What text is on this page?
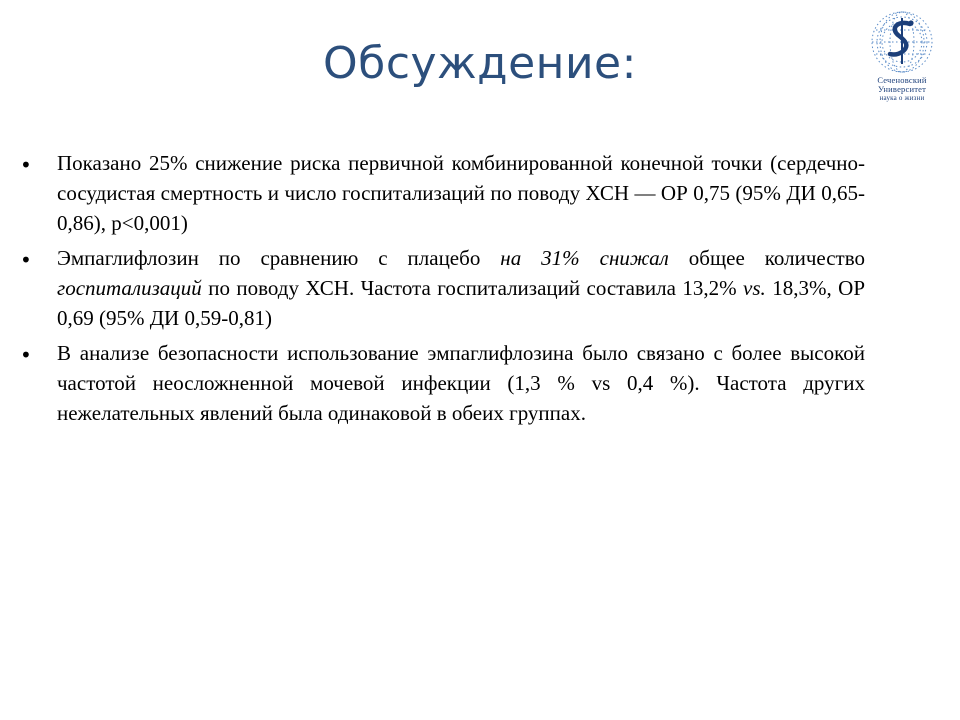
Обсуждение:	Сеченовский
Университет
наука о жизни
• Показано 25% снижение риска первичной комбинированной конечной точки (сердечно-сосудистая смертность и число госпитализаций по поводу ХСН — ОР 0,75 (95% ДИ 0,65-0,86), p<0,001)
• Эмпаглифлозин по сравнению с плацебо на 31% снижал общее количество госпитализаций по поводу ХСН. Частота госпитализаций составила 13,2% vs. 18,3%, ОР 0,69 (95% ДИ 0,59-0,81)
• В анализе безопасности использование эмпаглифлозина было связано с более высокой частотой неосложненной мочевой инфекции (1,3 % vs 0,4 %). Частота других нежелательных явлений была одинаковой в обеих группах.
